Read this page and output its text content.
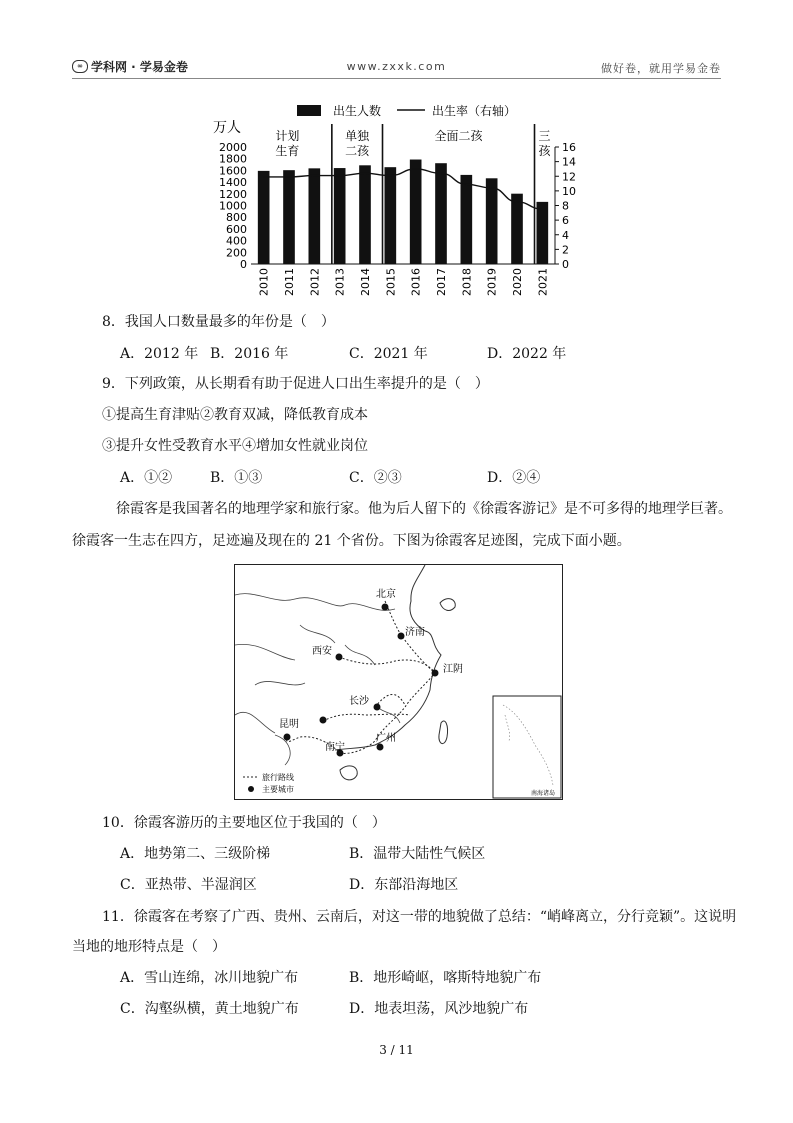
∞ 学科网 · 学易金卷	www.zxxk.com	做好卷，就用学易金卷
出生人数	出生率（右轴）
万人
2000
1800
1600
1400
1200
1000
800
600
400
200
0
16
14
12
10
8
6
4
2
0
2010 2011 2012 2013 2014 2015 2016 2017 2018 2019 2020 2021
计划
生育
单独
二孩
全面二孩	三
孩
8．我国人口数量最多的年份是（　）
A．2012 年 B．2016 年	C．2021 年	D．2022 年
9．下列政策，从长期看有助于促进人口出生率提升的是（　）
①提高生育津贴②教育双减，降低教育成本
③提升女性受教育水平④增加女性就业岗位
A．①②	B．①③	C．②③	D．②④
徐霞客是我国著名的地理学家和旅行家。他为后人留下的《徐霞客游记》是不可多得的地理学巨著。
徐霞客一生志在四方，足迹遍及现在的 21 个省份。下图为徐霞客足迹图，完成下面小题。
北京
济南
西安
江阴
长沙
昆明
南宁
广州
旅行路线
主要城市	南海诸岛
10．徐霞客游历的主要地区位于我国的（　）
A．地势第二、三级阶梯	B．温带大陆性气候区
C．亚热带、半湿润区	D．东部沿海地区
11．徐霞客在考察了广西、贵州、云南后，对这一带的地貌做了总结：“峭峰离立，分行竞颖”。这说明
当地的地形特点是（　）
A．雪山连绵，冰川地貌广布	B．地形崎岖，喀斯特地貌广布
C．沟壑纵横，黄土地貌广布	D．地表坦荡，风沙地貌广布
3 / 11
